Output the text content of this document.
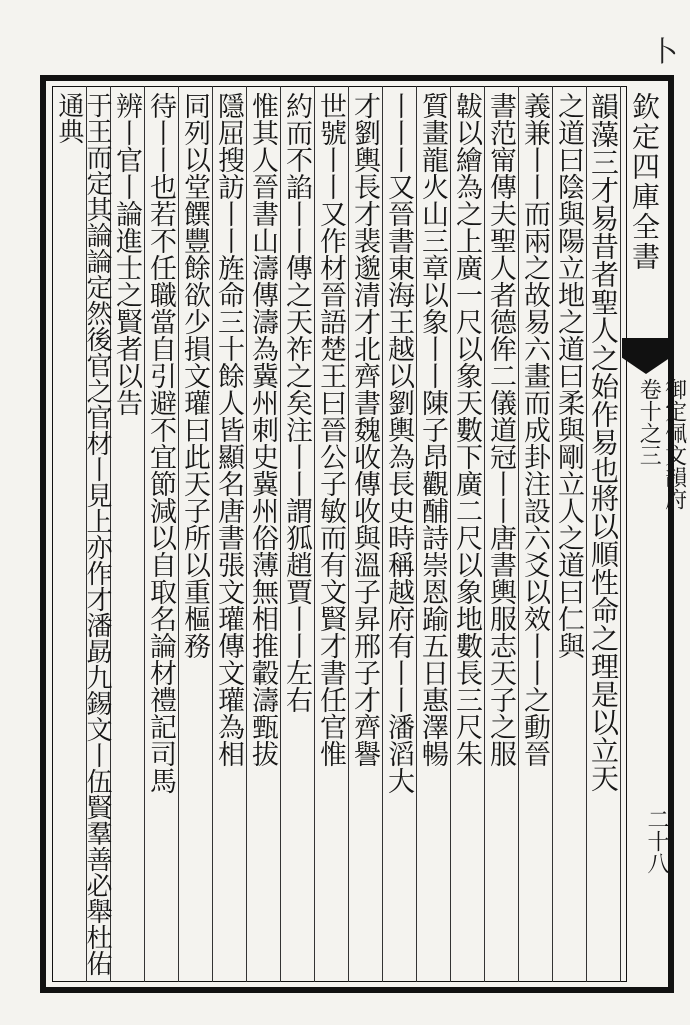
卜
欽定四庫全書
御定佩文韻府
卷十之三
二十八
韻藻三才易昔者聖人之始作易也將以順性命之理是以立天
之道曰陰與陽立地之道曰柔與剛立人之道曰仁與
義兼丨丨而兩之故易六畫而成卦注設六爻以效丨丨之動晉
書范甯傳夫聖人者德侔二儀道冠丨丨唐書輿服志天子之服
韍以繪為之上廣一尺以象天數下廣二尺以象地數長三尺朱
質畫龍火山三章以象丨丨陳子昂觀酺詩崇恩踰五日惠澤暢
丨丨丨又晉書東海王越以劉輿為長史時稱越府有丨丨潘滔大
才劉輿長才裴邈清才北齊書魏收傳收與溫子昇邢子才齊譽
世號丨丨又作材晉語楚王曰晉公子敏而有文賢才書任官惟
約而不諂丨丨傳之天祚之矣注丨丨謂狐趙賈丨丨左右
惟其人晉書山濤傳濤為冀州刺史冀州俗薄無相推轂濤甄拔
隱屈搜訪丨丨旌命三十餘人皆顯名唐書張文瓘傳文瓘為相
同列以堂饌豐餘欲少損文瓘曰此天子所以重樞務
待丨丨也若不任職當自引避不宜節減以自取名論材禮記司馬
辨丨官丨論進士之賢者以告
于王而定其論論定然後官之官材丨見上亦作才潘勗九錫文丨伍賢羣善必舉杜佑通典
